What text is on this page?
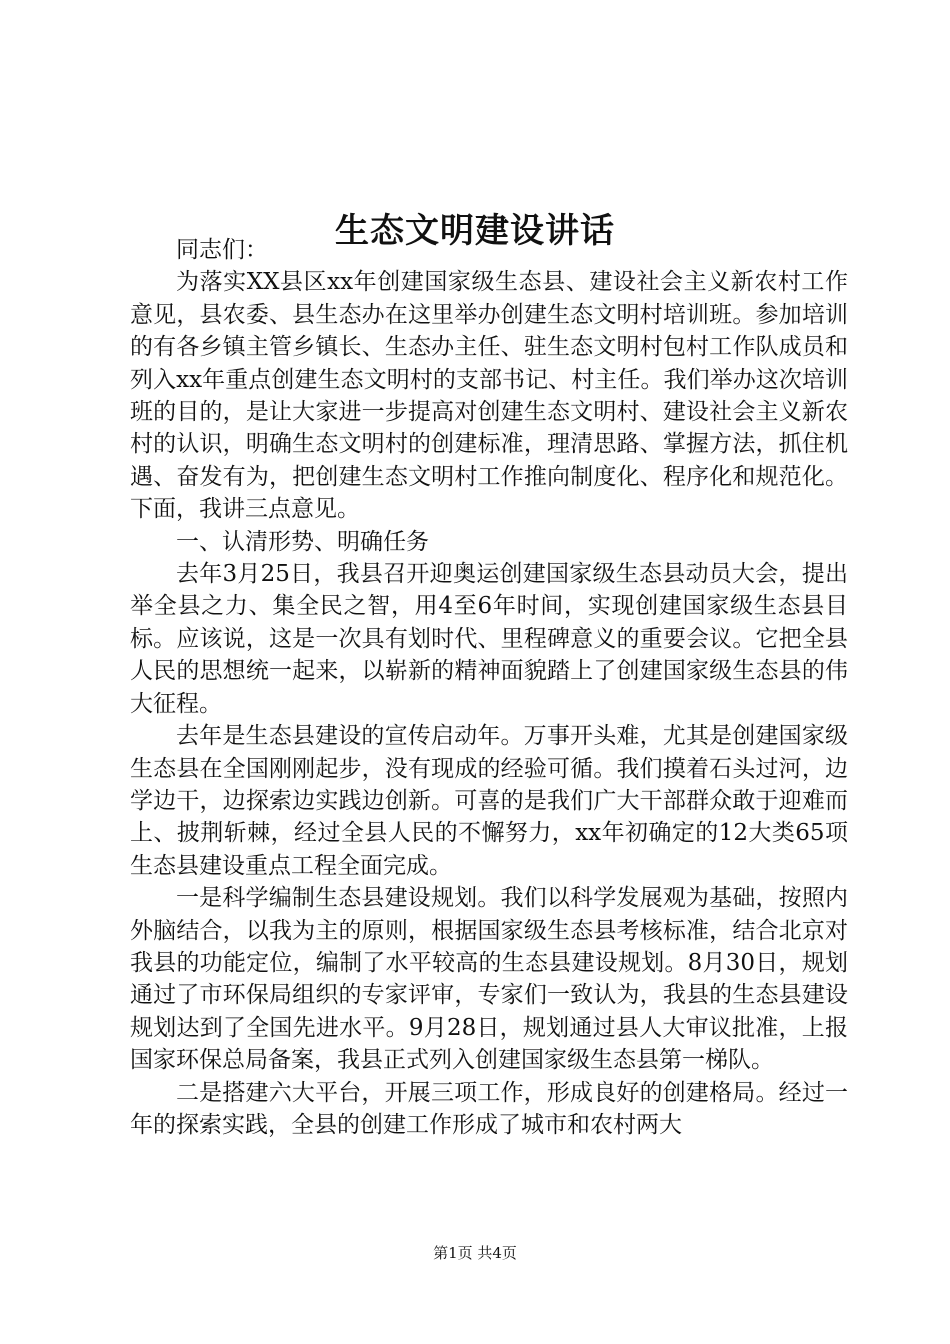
生态文明建设讲话

同志们：

为落实XX县区xx年创建国家级生态县、建设社会主义新农村工作意见，县农委、县生态办在这里举办创建生态文明村培训班。参加培训的有各乡镇主管乡镇长、生态办主任、驻生态文明村包村工作队成员和列入xx年重点创建生态文明村的支部书记、村主任。我们举办这次培训班的目的，是让大家进一步提高对创建生态文明村、建设社会主义新农村的认识，明确生态文明村的创建标准，理清思路、掌握方法，抓住机遇、奋发有为，把创建生态文明村工作推向制度化、程序化和规范化。下面，我讲三点意见。

一、认清形势、明确任务

去年3月25日，我县召开迎奥运创建国家级生态县动员大会，提出举全县之力、集全民之智，用4至6年时间，实现创建国家级生态县目标。应该说，这是一次具有划时代、里程碑意义的重要会议。它把全县人民的思想统一起来，以崭新的精神面貌踏上了创建国家级生态县的伟大征程。

去年是生态县建设的宣传启动年。万事开头难，尤其是创建国家级生态县在全国刚刚起步，没有现成的经验可循。我们摸着石头过河，边学边干，边探索边实践边创新。可喜的是我们广大干部群众敢于迎难而上、披荆斩棘，经过全县人民的不懈努力，xx年初确定的12大类65项生态县建设重点工程全面完成。

一是科学编制生态县建设规划。我们以科学发展观为基础，按照内外脑结合，以我为主的原则，根据国家级生态县考核标准，结合北京对我县的功能定位，编制了水平较高的生态县建设规划。8月30日，规划通过了市环保局组织的专家评审，专家们一致认为，我县的生态县建设规划达到了全国先进水平。9月28日，规划通过县人大审议批准，上报国家环保总局备案，我县正式列入创建国家级生态县第一梯队。

二是搭建六大平台，开展三项工作，形成良好的创建格局。经过一年的探索实践，全县的创建工作形成了城市和农村两大

第1页 共4页
